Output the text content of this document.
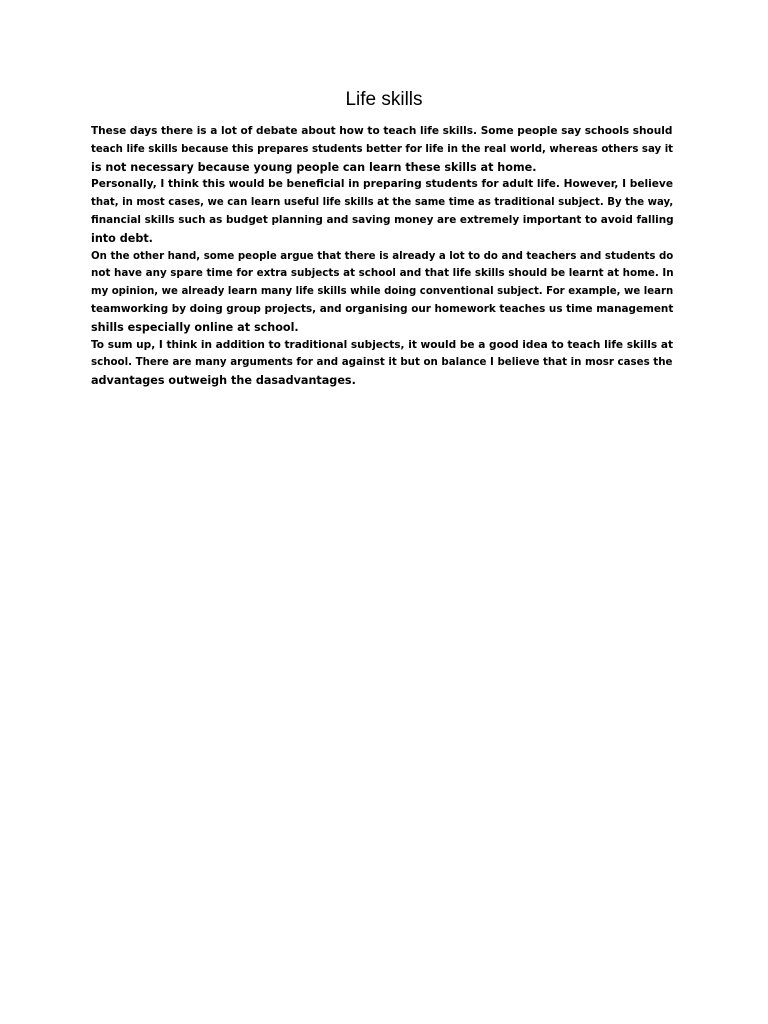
Life skills

These days there is a lot of debate about how to teach life skills. Some people say schools should
teach life skills because this prepares students better for life in the real world, whereas others say it
is not necessary because young people can learn these skills at home.

Personally, I think this would be beneficial in preparing students for adult life. However, I believe
that, in most cases, we can learn useful life skills at the same time as traditional subject. By the way,
financial skills such as budget planning and saving money are extremely important to avoid falling
into debt.

On the other hand, some people argue that there is already a lot to do and teachers and students do
not have any spare time for extra subjects at school and that life skills should be learnt at home. In
my opinion, we already learn many life skills while doing conventional subject. For example, we learn
teamworking by doing group projects, and organising our homework teaches us time management
shills especially online at school.

To sum up, I think in addition to traditional subjects, it would be a good idea to teach life skills at
school. There are many arguments for and against it but on balance I believe that in mosr cases the
advantages outweigh the dasadvantages.
